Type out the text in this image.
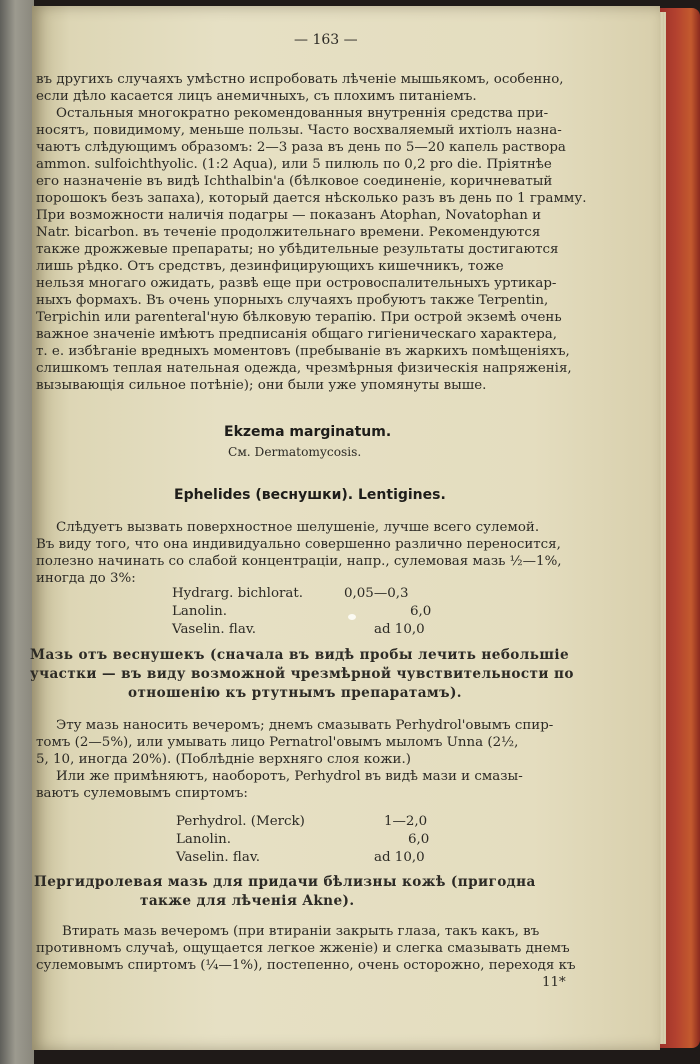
— 163 —
въ другихъ случаяхъ умѣстно испробовать лѣченiе мышьякомъ, особенно,
если дѣло касается лицъ анемичныхъ, съ плохимъ питанiемъ.
Остальныя многократно рекомендованныя внутреннiя средства при-
носятъ, повидимому, меньше пользы. Часто восхваляемый ихтiолъ назна-
чаютъ слѣдующимъ образомъ: 2—3 раза въ день по 5—20 капель раствора
ammon. sulfoichthyolic. (1:2 Aqua), или 5 пилюль по 0,2 pro die. Прiятнѣе
его назначенiе въ видѣ Ichthalbin'a (бѣлковое соединенiе, коричневатый
порошокъ безъ запаха), который дается нѣсколько разъ въ день по 1 грамму.
При возможности наличiя подагры — показанъ Atophan, Novatophan и
Natr. bicarbon. въ теченiе продолжительнаго времени. Рекомендуются
также дрожжевые препараты; но убѣдительные результаты достигаются
лишь рѣдко. Отъ средствъ, дезинфицирующихъ кишечникъ, тоже
нельзя многаго ожидать, развѣ еще при островоспалительныхъ уртикар-
ныхъ формахъ. Въ очень упорныхъ случаяхъ пробуютъ также Terpentin,
Terpichin или parenteral'ную бѣлковую терапiю. При острой экземѣ очень
важное значенiе имѣютъ предписанiя общаго гигiеническаго характера,
т. е. избѣганiе вредныхъ моментовъ (пребыванiе въ жаркихъ помѣщенiяхъ,
слишкомъ теплая нательная одежда, чрезмѣрныя физическiя напряженiя,
вызывающiя сильное потѣнiе); они были уже упомянуты выше.
Ekzema marginatum.
См. Dermatomycosis.
Ephelides (веснушки). Lentigines.
Слѣдуетъ вызвать поверхностное шелушенiе, лучше всего сулемой.
Въ виду того, что она индивидуально совершенно различно переносится,
полезно начинать со слабой концентрацiи, напр., сулемовая мазь ½—1%,
иногда до 3%:
Hydrarg. bichlorat.	0,05—0,3
Lanolin.	6,0
Vaselin. flav.	ad 10,0
Мазь отъ веснушекъ (сначала въ видѣ пробы лечить небольшiе
участки — въ виду возможной чрезмѣрной чувствительности по
отношенiю къ ртутнымъ препаратамъ).
Эту мазь наносить вечеромъ; днемъ смазывать Perhydrol'овымъ спир-
томъ (2—5%), или умывать лицо Pernatrol'овымъ мыломъ Unna (2½,
5, 10, иногда 20%). (Поблѣднiе верхняго слоя кожи.)
Или же примѣняютъ, наоборотъ, Perhydrol въ видѣ мази и смазы-
ваютъ сулемовымъ спиртомъ:
Perhydrol. (Merck)	1—2,0
Lanolin.	6,0
Vaselin. flav.	ad 10,0
Пергидролевая мазь для придачи бѣлизны кожѣ (пригодна
также для лѣченiя Akne).
Втирать мазь вечеромъ (при втиранiи закрыть глаза, такъ какъ, въ
противномъ случаѣ, ощущается легкое жженiе) и слегка смазывать днемъ
сулемовымъ спиртомъ (¼—1%), постепенно, очень осторожно, переходя къ
11*
